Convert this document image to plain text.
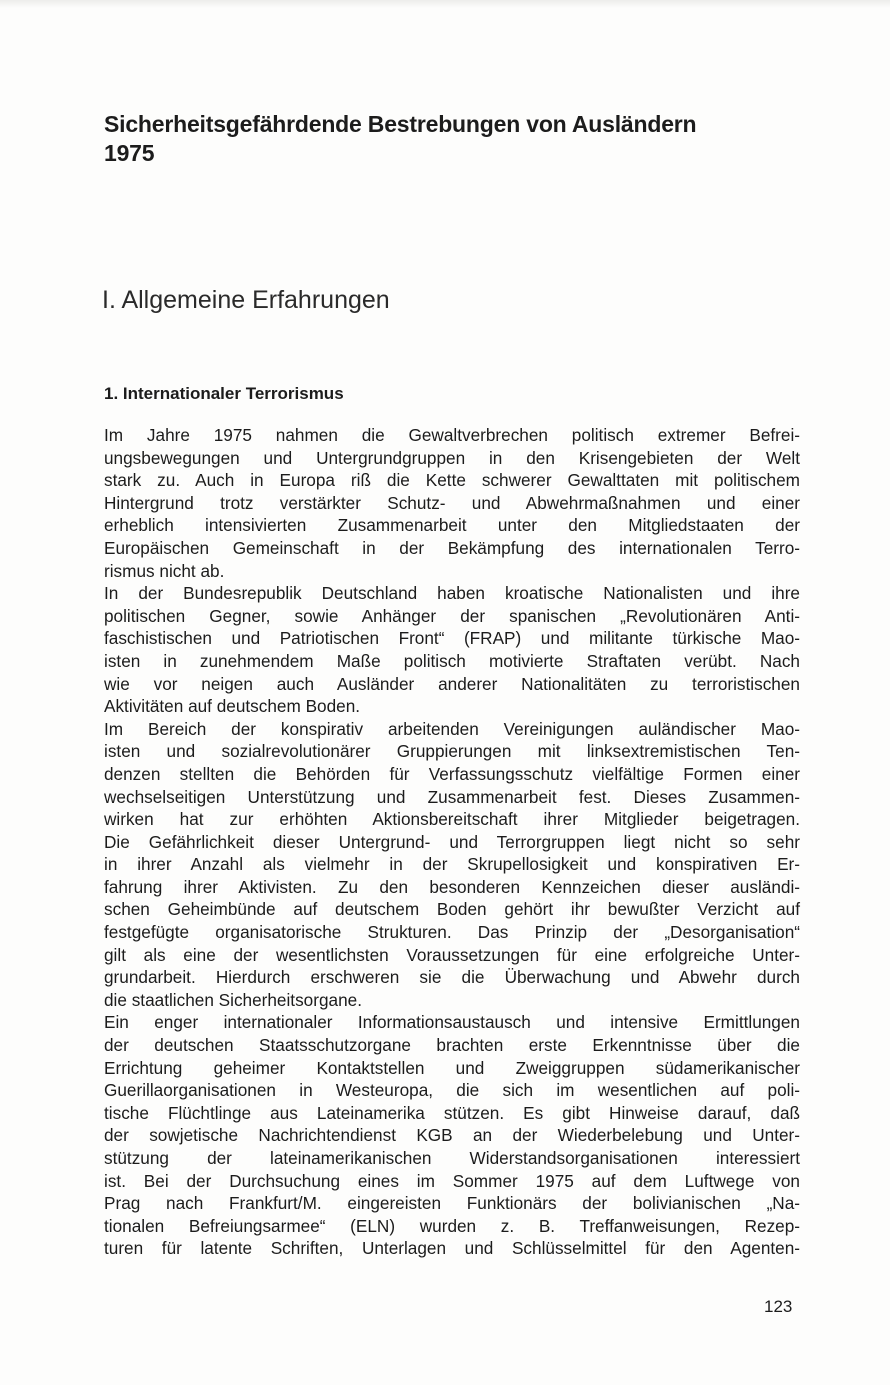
Sicherheitsgefährdende Bestrebungen von Ausländern
1975
I. Allgemeine Erfahrungen
1. Internationaler Terrorismus
Im Jahre 1975 nahmen die Gewaltverbrechen politisch extremer Befrei-
ungsbewegungen und Untergrundgruppen in den Krisengebieten der Welt
stark zu. Auch in Europa riß die Kette schwerer Gewalttaten mit politischem
Hintergrund trotz verstärkter Schutz- und Abwehrmaßnahmen und einer
erheblich intensivierten Zusammenarbeit unter den Mitgliedstaaten der
Europäischen Gemeinschaft in der Bekämpfung des internationalen Terro-
rismus nicht ab.
In der Bundesrepublik Deutschland haben kroatische Nationalisten und ihre
politischen Gegner, sowie Anhänger der spanischen „Revolutionären Anti-
faschistischen und Patriotischen Front“ (FRAP) und militante türkische Mao-
isten in zunehmendem Maße politisch motivierte Straftaten verübt. Nach
wie vor neigen auch Ausländer anderer Nationalitäten zu terroristischen
Aktivitäten auf deutschem Boden.
Im Bereich der konspirativ arbeitenden Vereinigungen auländischer Mao-
isten und sozialrevolutionärer Gruppierungen mit linksextremistischen Ten-
denzen stellten die Behörden für Verfassungsschutz vielfältige Formen einer
wechselseitigen Unterstützung und Zusammenarbeit fest. Dieses Zusammen-
wirken hat zur erhöhten Aktionsbereitschaft ihrer Mitglieder beigetragen.
Die Gefährlichkeit dieser Untergrund- und Terrorgruppen liegt nicht so sehr
in ihrer Anzahl als vielmehr in der Skrupellosigkeit und konspirativen Er-
fahrung ihrer Aktivisten. Zu den besonderen Kennzeichen dieser ausländi-
schen Geheimbünde auf deutschem Boden gehört ihr bewußter Verzicht auf
festgefügte organisatorische Strukturen. Das Prinzip der „Desorganisation“
gilt als eine der wesentlichsten Voraussetzungen für eine erfolgreiche Unter-
grundarbeit. Hierdurch erschweren sie die Überwachung und Abwehr durch
die staatlichen Sicherheitsorgane.
Ein enger internationaler Informationsaustausch und intensive Ermittlungen
der deutschen Staatsschutzorgane brachten erste Erkenntnisse über die
Errichtung geheimer Kontaktstellen und Zweiggruppen südamerikanischer
Guerillaorganisationen in Westeuropa, die sich im wesentlichen auf poli-
tische Flüchtlinge aus Lateinamerika stützen. Es gibt Hinweise darauf, daß
der sowjetische Nachrichtendienst KGB an der Wiederbelebung und Unter-
stützung der lateinamerikanischen Widerstandsorganisationen interessiert
ist. Bei der Durchsuchung eines im Sommer 1975 auf dem Luftwege von
Prag nach Frankfurt/M. eingereisten Funktionärs der bolivianischen „Na-
tionalen Befreiungsarmee“ (ELN) wurden z. B. Treffanweisungen, Rezep-
turen für latente Schriften, Unterlagen und Schlüsselmittel für den Agenten-
123
